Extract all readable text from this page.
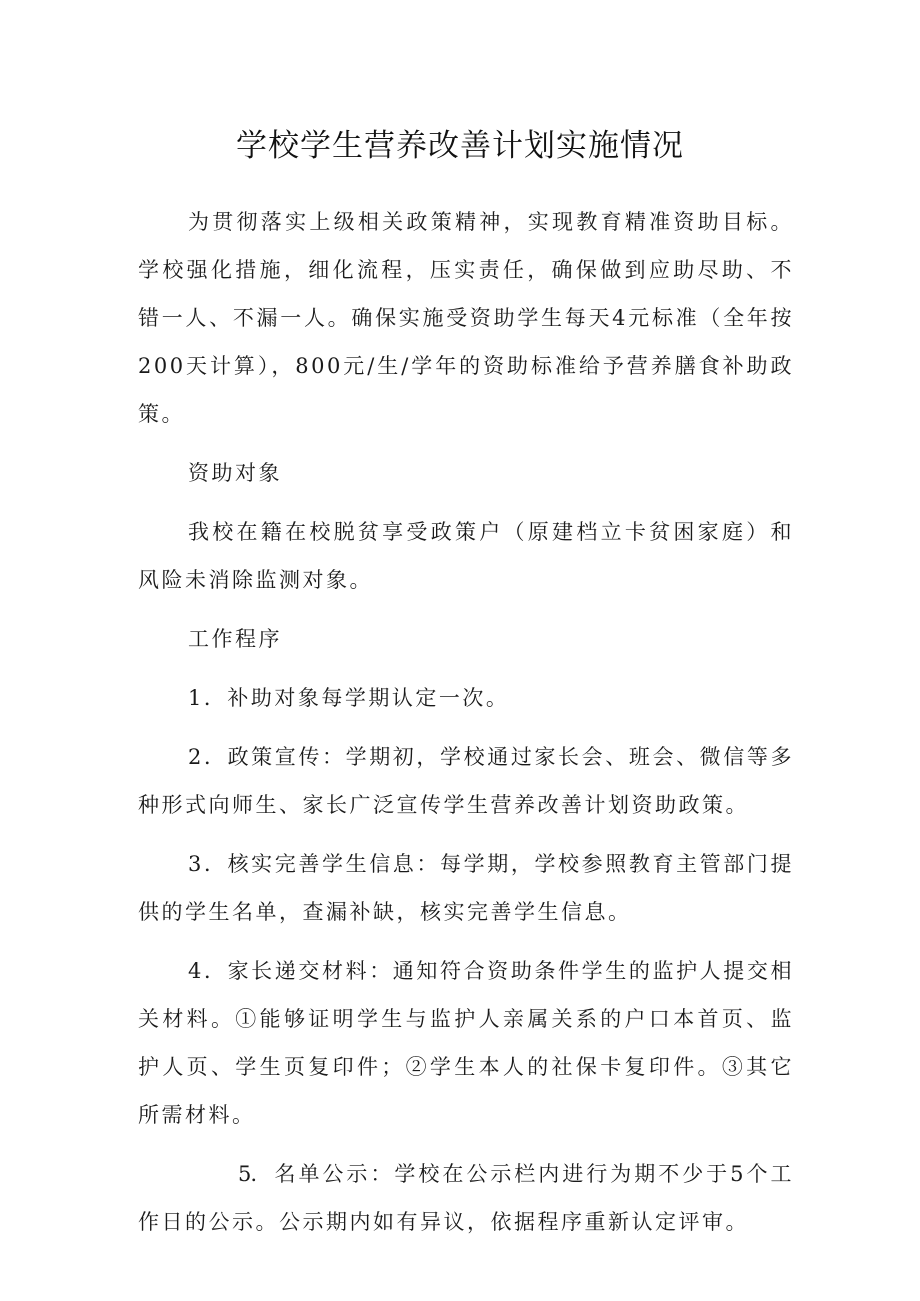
学校学生营养改善计划实施情况

为贯彻落实上级相关政策精神，实现教育精准资助目标。学校强化措施，细化流程，压实责任，确保做到应助尽助、不错一人、不漏一人。确保实施受资助学生每天4元标准（全年按200天计算），800元/生/学年的资助标准给予营养膳食补助政策。

资助对象

我校在籍在校脱贫享受政策户（原建档立卡贫困家庭）和风险未消除监测对象。

工作程序

1．补助对象每学期认定一次。

2．政策宣传：学期初，学校通过家长会、班会、微信等多种形式向师生、家长广泛宣传学生营养改善计划资助政策。

3．核实完善学生信息：每学期，学校参照教育主管部门提供的学生名单，查漏补缺，核实完善学生信息。

4．家长递交材料：通知符合资助条件学生的监护人提交相关材料。①能够证明学生与监护人亲属关系的户口本首页、监护人页、学生页复印件；②学生本人的社保卡复印件。③其它所需材料。

5．名单公示：学校在公示栏内进行为期不少于5个工作日的公示。公示期内如有异议，依据程序重新认定评审。
